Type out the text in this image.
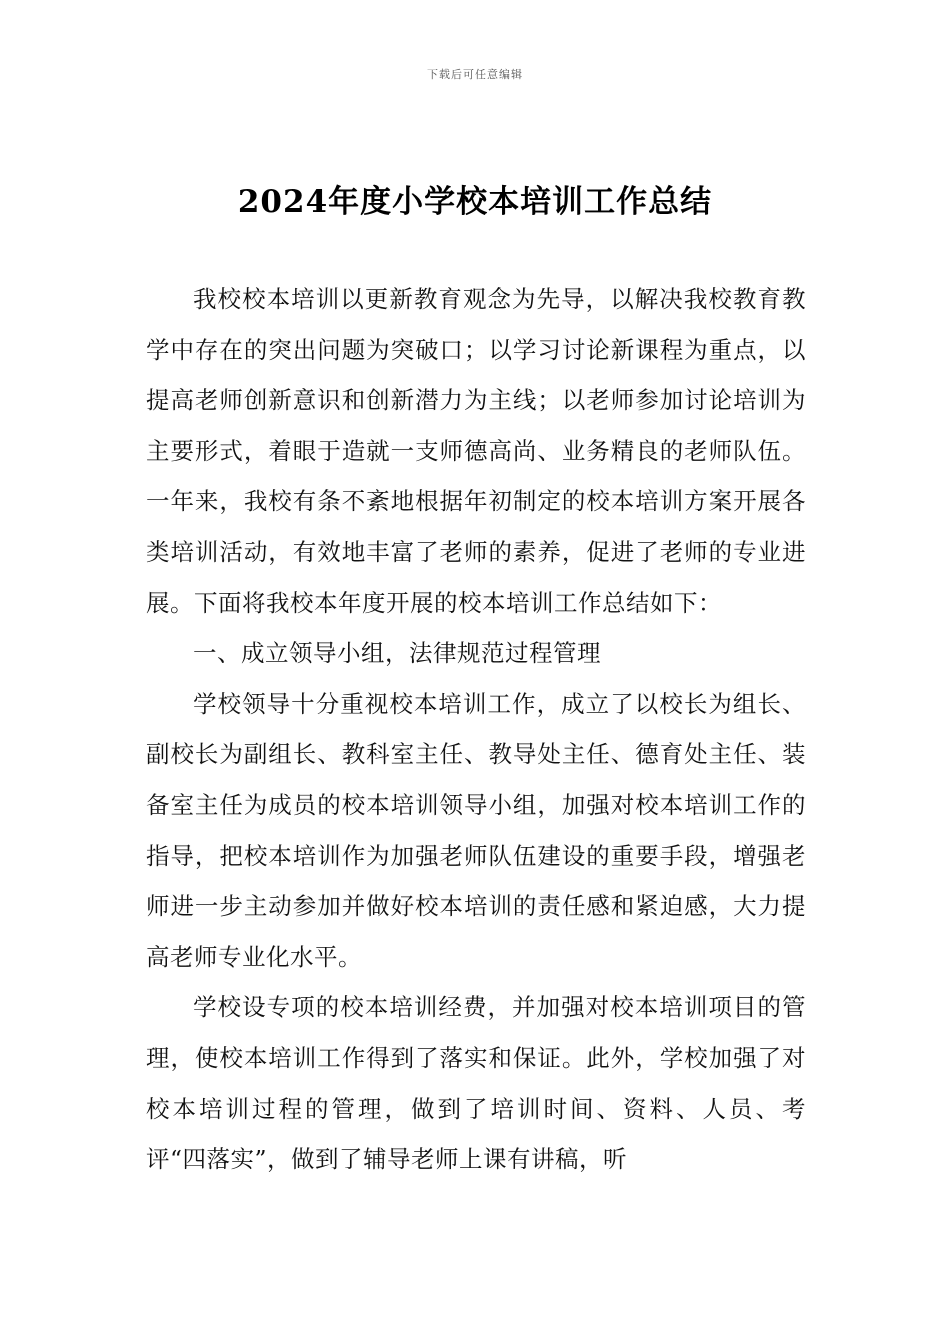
下载后可任意编辑
2024年度小学校本培训工作总结

我校校本培训以更新教育观念为先导，以解决我校教育教学中存在的突出问题为突破口；以学习讨论新课程为重点，以提高老师创新意识和创新潜力为主线；以老师参加讨论培训为主要形式，着眼于造就一支师德高尚、业务精良的老师队伍。一年来，我校有条不紊地根据年初制定的校本培训方案开展各类培训活动，有效地丰富了老师的素养，促进了老师的专业进展。下面将我校本年度开展的校本培训工作总结如下：

一、成立领导小组，法律规范过程管理

学校领导十分重视校本培训工作，成立了以校长为组长、副校长为副组长、教科室主任、教导处主任、德育处主任、装备室主任为成员的校本培训领导小组，加强对校本培训工作的指导，把校本培训作为加强老师队伍建设的重要手段，增强老师进一步主动参加并做好校本培训的责任感和紧迫感，大力提高老师专业化水平。

学校设专项的校本培训经费，并加强对校本培训项目的管理，使校本培训工作得到了落实和保证。此外，学校加强了对校本培训过程的管理，做到了培训时间、资料、人员、考评“四落实”，做到了辅导老师上课有讲稿，听
